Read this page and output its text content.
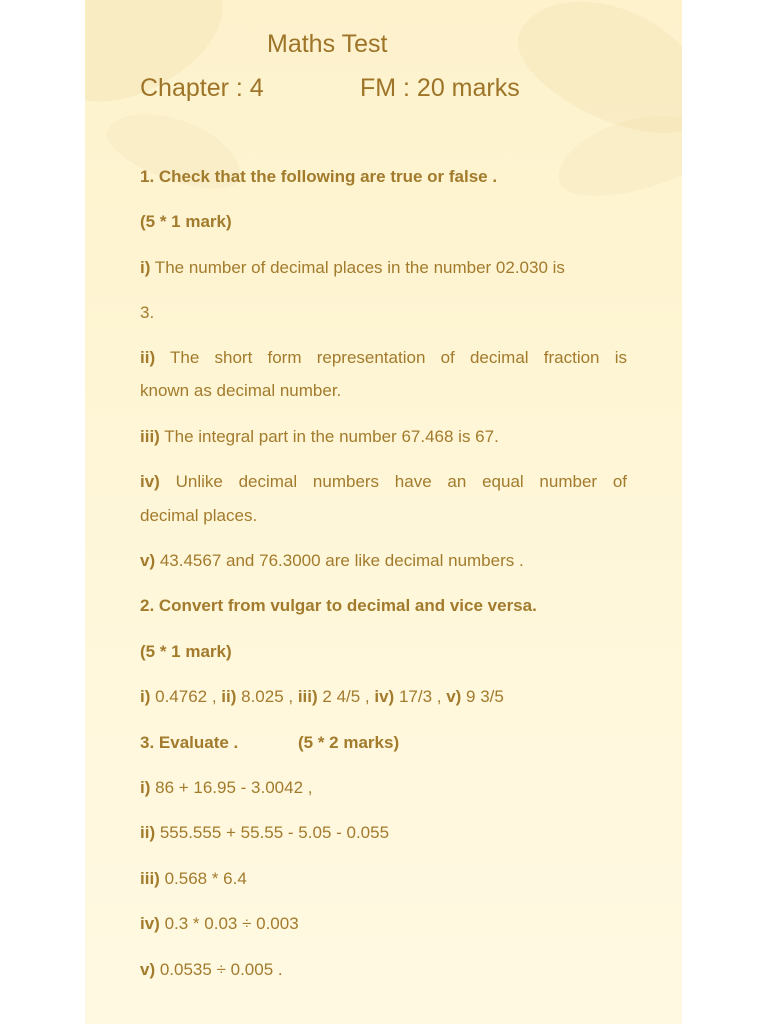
Maths Test
Chapter : 4	FM : 20 marks
1. Check that the following are true or false .
(5 * 1 mark)
i) The number of decimal places in the number 02.030 is
3.
ii) The short form representation of decimal fraction is
known as decimal number.
iii) The integral part in the number 67.468 is 67.
iv) Unlike decimal numbers have an equal number of
decimal places.
v) 43.4567 and 76.3000 are like decimal numbers .
2. Convert from vulgar to decimal and vice versa.
(5 * 1 mark)
i) 0.4762 , ii) 8.025 , iii) 2 4/5 , iv) 17/3 , v) 9 3/5
3. Evaluate .	(5 * 2 marks)
i) 86 + 16.95 - 3.0042 ,
ii) 555.555 + 55.55 - 5.05 - 0.055
iii) 0.568 * 6.4
iv) 0.3 * 0.03 ÷ 0.003
v) 0.0535 ÷ 0.005 .
